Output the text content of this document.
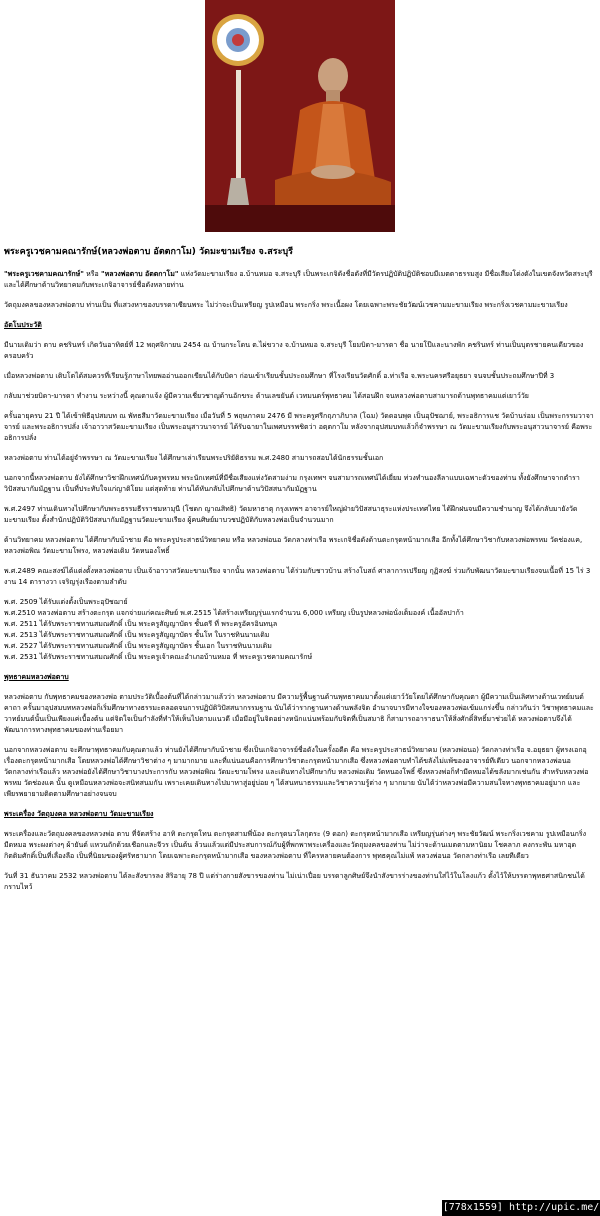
พระครูเวชคามคณารักษ์(หลวงพ่อตาบ อัตตกาโม) วัดมะขามเรียง จ.สระบุรี

"พระครูเวชคามคณารักษ์" หรือ "หลวงพ่อตาบ อัตตกาโม" แห่งวัดมะขามเรียง อ.บ้านหมอ จ.สระบุรี เป็นพระเกจิดังชื่อดังที่มีวัตรปฏิบัติปฏิบัติชอบมีเมตตาธรรมสูง มีชื่อเสียงโด่งดังในเขตจังหวัดสระบุรี และได้ศึกษาด้านวิทยาคมกับพระเกจิอาจารย์ชื่อดังหลายท่าน

วัตถุมงคลของหลวงพ่อตาบ ท่านเป็น ที่แสวงหาของบรรดาเซียนพระ ไม่ว่าจะเป็นเหรียญ รูปเหมือน พระกริ่ง พระเนื้อผง โดยเฉพาะพระชัยวัฒน์เวชคามมะขามเรียง พระกริ่งเวชคามมะขามเรียง

อัตโนประวัติ

มีนามเดิมว่า ตาบ คชรินทร์ เกิดวันอาทิตย์ที่ 12 พฤศจิกายน 2454 ณ บ้านกระโดน ต.ไผ่ขวาง จ.บ้านหมอ จ.สระบุรี โยมบิดา-มารดา ชื่อ นายโป๊และนางพัก คชรินทร์ ท่านเป็นบุตรชายคนเดียวของครอบครัว

เมื่อหลวงพ่อตาบ เติบโตได้สมควรที่เรียนรู้ภาษาไทยพออ่านออกเขียนได้กับบิดา ก่อนเข้าเรียนชั้นประถมศึกษา ที่โรงเรียนวัดศักดิ์ อ.ท่าเรือ จ.พระนครศรีอยุธยา จนจบชั้นประถมศึกษาปีที่ 3

กลับมาช่วยบิดา-มารดา ทำงาน ระหว่างนี้ คุณตาแจ้ง ผู้มีความเชี่ยวชาญด้านอักขระ ด้านเลขยันต์ เวทมนตร์พุทธาคม ได้สอนฝึก จนหลวงพ่อตาบสามารถด้านพุทธาคมแต่เยาว์วัย

ครั้นอายุครบ 21 ปี ได้เข้าพิธีอุปสมบท ณ พัทธสีมาวัดมะขามเรียง เมื่อวันที่ 5 พฤษภาคม 2476 มี พระครูศรีกฤภาภิบาล (โฉม) วัดดอนพุด เป็นอุปัชฌาย์, พระอธิการแช วัดบ้านร่อม เป็นพระกรรมวาจาจารย์ และพระอธิการปลั่ง เจ้าอาวาสวัดมะขามเรียง เป็นพระอนุสาวนาจารย์ ได้รับฉายาในเพศบรรพชิตว่า อตฺตกาโม หลังจากอุปสมบทแล้วก็จำพรรษา ณ วัดมะขามเรียงกับพระอนุสาวนาจารย์ คือพระอธิการปลั่ง

หลวงพ่อตาบ ท่านได้อยู่จำพรรษา ณ วัดมะขามเรียง ได้ศึกษาเล่าเรียนพระปริยัติธรรม พ.ศ.2480 สามารถสอบได้นักธรรมชั้นเอก

นอกจากนี้หลวงพ่อตาบ ยังได้ศึกษาวิชาฝึกเทศน์กับครูพรหม พระนักเทศน์ที่มีชื่อเสียงแห่งวัดสามง่าม กรุงเทพฯ จนสามารถเทศน์ได้เยี่ยม ท่วงทำนองลีลาแบบเฉพาะตัวของท่าน ทั้งยังศึกษาจากตำราวิปัสสนากัมมัฏฐาน เป็นที่ประทับใจแก่ญาติโยม แต่สุดท้าย ท่านได้หันกลับไปศึกษาด้านวิปัสสนากัมมัฏฐาน

พ.ศ.2497 ท่านเดินทางไปศึกษากับพระธรรมธีรราชมหามุนี (โชดก ญาณสิทธิ) วัดมหาธาตุ กรุงเทพฯ อาจารย์ใหญ่ฝ่ายวิปัสสนาธุระแห่งประเทศไทย ได้ฝึกฝนจนมีความชำนาญ จึงได้กลับมายังวัดมะขามเรียง ตั้งสำนักปฏิบัติวิปัสสนากัมมัฏฐานวัดมะขามเรียง ผู้คนศิษย์มาบวชปฏิบัติกับหลวงพ่อเป็นจำนวนมาก

ด้านวิทยาคม หลวงพ่อตาบ ได้ศึกษากับน้าชาย คือ พระครูประสาธน์วิทยาคม หรือ หลวงพ่อนอ วัดกลางท่าเรือ พระเกจิชื่อดังด้านตะกรุดหน้ามากเสือ อีกทั้งได้ศึกษาวิชากับหลวงพ่อพรหม วัดช่องแค, หลวงพ่อพิณ วัดมะขามโพรง, หลวงพ่อเดิม วัดหนองโพธิ์

พ.ศ.2489 คณะสงฆ์ได้แต่งตั้งหลวงพ่อตาบ เป็นเจ้าอาวาสวัดมะขามเรียง จากนั้น หลวงพ่อตาบ ได้ร่วมกับชาวบ้าน สร้างโบสถ์ ศาลาการเปรียญ กุฏิสงฆ์ ร่วมกับพัฒนาวัดมะขามเรียงจนเนื้อที่ 15 ไร่ 3 งาน 14 ตารางวา เจริญรุ่งเรืองตามลำดับ

พ.ศ. 2509 ได้รับแต่งตั้งเป็นพระอุปัชฌาย์
พ.ศ.2510 หลวงพ่อตาบ สร้างตะกรุด แจกจ่ายแก่คณะศิษย์ พ.ศ.2515 ได้สร้างเหรียญรุ่นแรกจำนวน 6,000 เหรียญ เป็นรูปหลวงพ่อนั่งเต็มองค์ เนื้ออัลปาก้า
พ.ศ. 2511 ได้รับพระราชทานสมณศักดิ์ เป็น พระครูสัญญาบัตร ชั้นตรี ที่ พระครูอัครอินทนุล
พ.ศ. 2513 ได้รับพระราชทานสมณศักดิ์ เป็น พระครูสัญญาบัตร ชั้นโท ในราชทินนามเดิม
พ.ศ. 2527 ได้รับพระราชทานสมณศักดิ์ เป็น พระครูสัญญาบัตร ชั้นเอก ในราชทินนามเดิม
พ.ศ. 2531 ได้รับพระราชทานสมณศักดิ์ เป็น พระครูเจ้าคณะอำเภอบ้านหมอ ที่ พระครูเวชคามคณารักษ์

พุทธาคมหลวงพ่อตาบ

หลวงพ่อตาบ กับพุทธาคมของหลวงพ่อ ตามประวัติเบื้องต้นที่ได้กล่าวมาแล้วว่า หลวงพ่อตาบ มีความรู้พื้นฐานด้านพุทธาคมมาตั้งแต่เยาว์วัยโดยได้ศึกษากับคุณตา ผู้มีความเป็นเลิศทางด้านเวทย์มนต์คาถา ครั้นมาอุปสมบทหลวงพ่อก็เริ่มศึกษาทางธรรมะตลอดจนการปฏิบัติวิปัสสนากรรมฐาน นับได้ว่ารากฐานทางด้านพลังจิต อำนาจบารมีทางใจของหลวงพ่อเข้มแกร่งขึ้น กล่าวกันว่า วิชาพุทธาคมและวาทย์มนต์นั้นเป็นเพียงแค่เบื้องต้น แต่จิตใจเป็นกำลังที่ทำให้เห็นไปตามแนวดี เมื่อมีอยู่ในจิตอย่างหนักแน่นพร้อมกับจิตที่เป็นสมาธิ ก็สามารถอาราธนาให้สิ่งศักดิ์สิทธิ์มาช่วยได้ หลวงพ่อตาบจึงได้พัฒนาการทางพุทธาคมของท่านเรื่อยมา

นอกจากหลวงพ่อตาบ จะศึกษาพุทธาคมกับคุณตาแล้ว ท่านยังได้ศึกษากับน้าชาย ซึ่งเป็นเกจิอาจารย์ชื่อดังในครั้งอดีต คือ พระครูประสาธน์วิทยาคม (หลวงพ่อนอ) วัดกลางท่าเรือ จ.อยุธยา ผู้ทรงเอกอุเรื่องตะกรุดหน้ามากเสือ โดยหลวงพ่อได้ศึกษาวิชาต่าง ๆ มามากมาย และที่แน่นอนคือการศึกษาวิชาตะกรุดหน้ามากเสือ ซึ่งหลวงพ่อตาบทำได้ขลังไม่แพ้ของอาจารย์ทีเดียว นอกจากหลวงพ่อนอ วัดกลางท่าเรือแล้ว หลวงพ่อยังได้ศึกษาวิชาบางประการกับ หลวงพ่อพิณ วัดมะขามโพรง และเดินทางไปศึกษากับ หลวงพ่อเดิม วัดหนองโพธิ์ ซึ่งหลวงพ่อก็ทำมีดหมอได้ขลังมากเช่นกัน สำหรับหลวงพ่อพรหม วัดช่องแค นั้น ดูเหมือนหลวงพ่อจะสนิทสนมกัน เพราะเคยเดินทางไปมาหาสู่อยู่บ่อย ๆ ได้สนทนาธรรมและวิชาความรู้ต่าง ๆ มากมาย นับได้ว่าหลวงพ่อมีความสนใจทางพุทธาคมอยู่มาก และเพียรพยายามติดตามศึกษาอย่างจนจบ

พระเครื่อง วัตถุมงคล หลวงพ่อตาบ วัดมะขามเรียง

พระเครื่องและวัตถุมงคลของหลวงพ่อ ตาบ ที่จัดสร้าง อาทิ ตะกรุดโทน ตะกรุดสามพี่น้อง ตะกรุดนวโลกุตระ (9 ดอก) ตะกรุดหน้ามากเสือ เหรียญรุ่นต่างๆ พระชัยวัฒน์ พระกริ่งเวชคาม รูปเหมือนกริ่ง มีดหมอ พระผงต่างๆ ผ้ายันต์ แหวนถักด้วยเชือกและจีวร เป็นต้น ล้วนแล้วแต่มีประสบการณ์กับผู้ที่พกพาพระเครื่องและวัตถุมงคลของท่าน ไม่ว่าจะด้านเมตตามหานิยม โชคลาภ คงกระพัน มหาอุด กิตติมศักดิ์เป็นที่เลื่องลือ เป็นที่นิยมของผู้ศรัทธามาก โดยเฉพาะตะกรุดหน้ามากเสือ ของหลวงพ่อตาบ ที่ใครหลายคนต้องการ พุทธคุณไม่แพ้ หลวงพ่อนอ วัดกลางท่าเรือ เลยทีเดียว

วันที่ 31 ธันวาคม 2532 หลวงพ่อตาบ ได้ละสังขารลง สิริอายุ 78 ปี แต่ร่างกายสังขารของท่าน ไม่เน่าเปื่อย บรรดาลูกศิษย์จึงนำสังขารร่างของท่านใส่ไว้ในโลงแก้ว ตั้งไว้ให้บรรดาพุทธศาสนิกชนได้กราบไหว้

[778x1559] http://upic.me/
